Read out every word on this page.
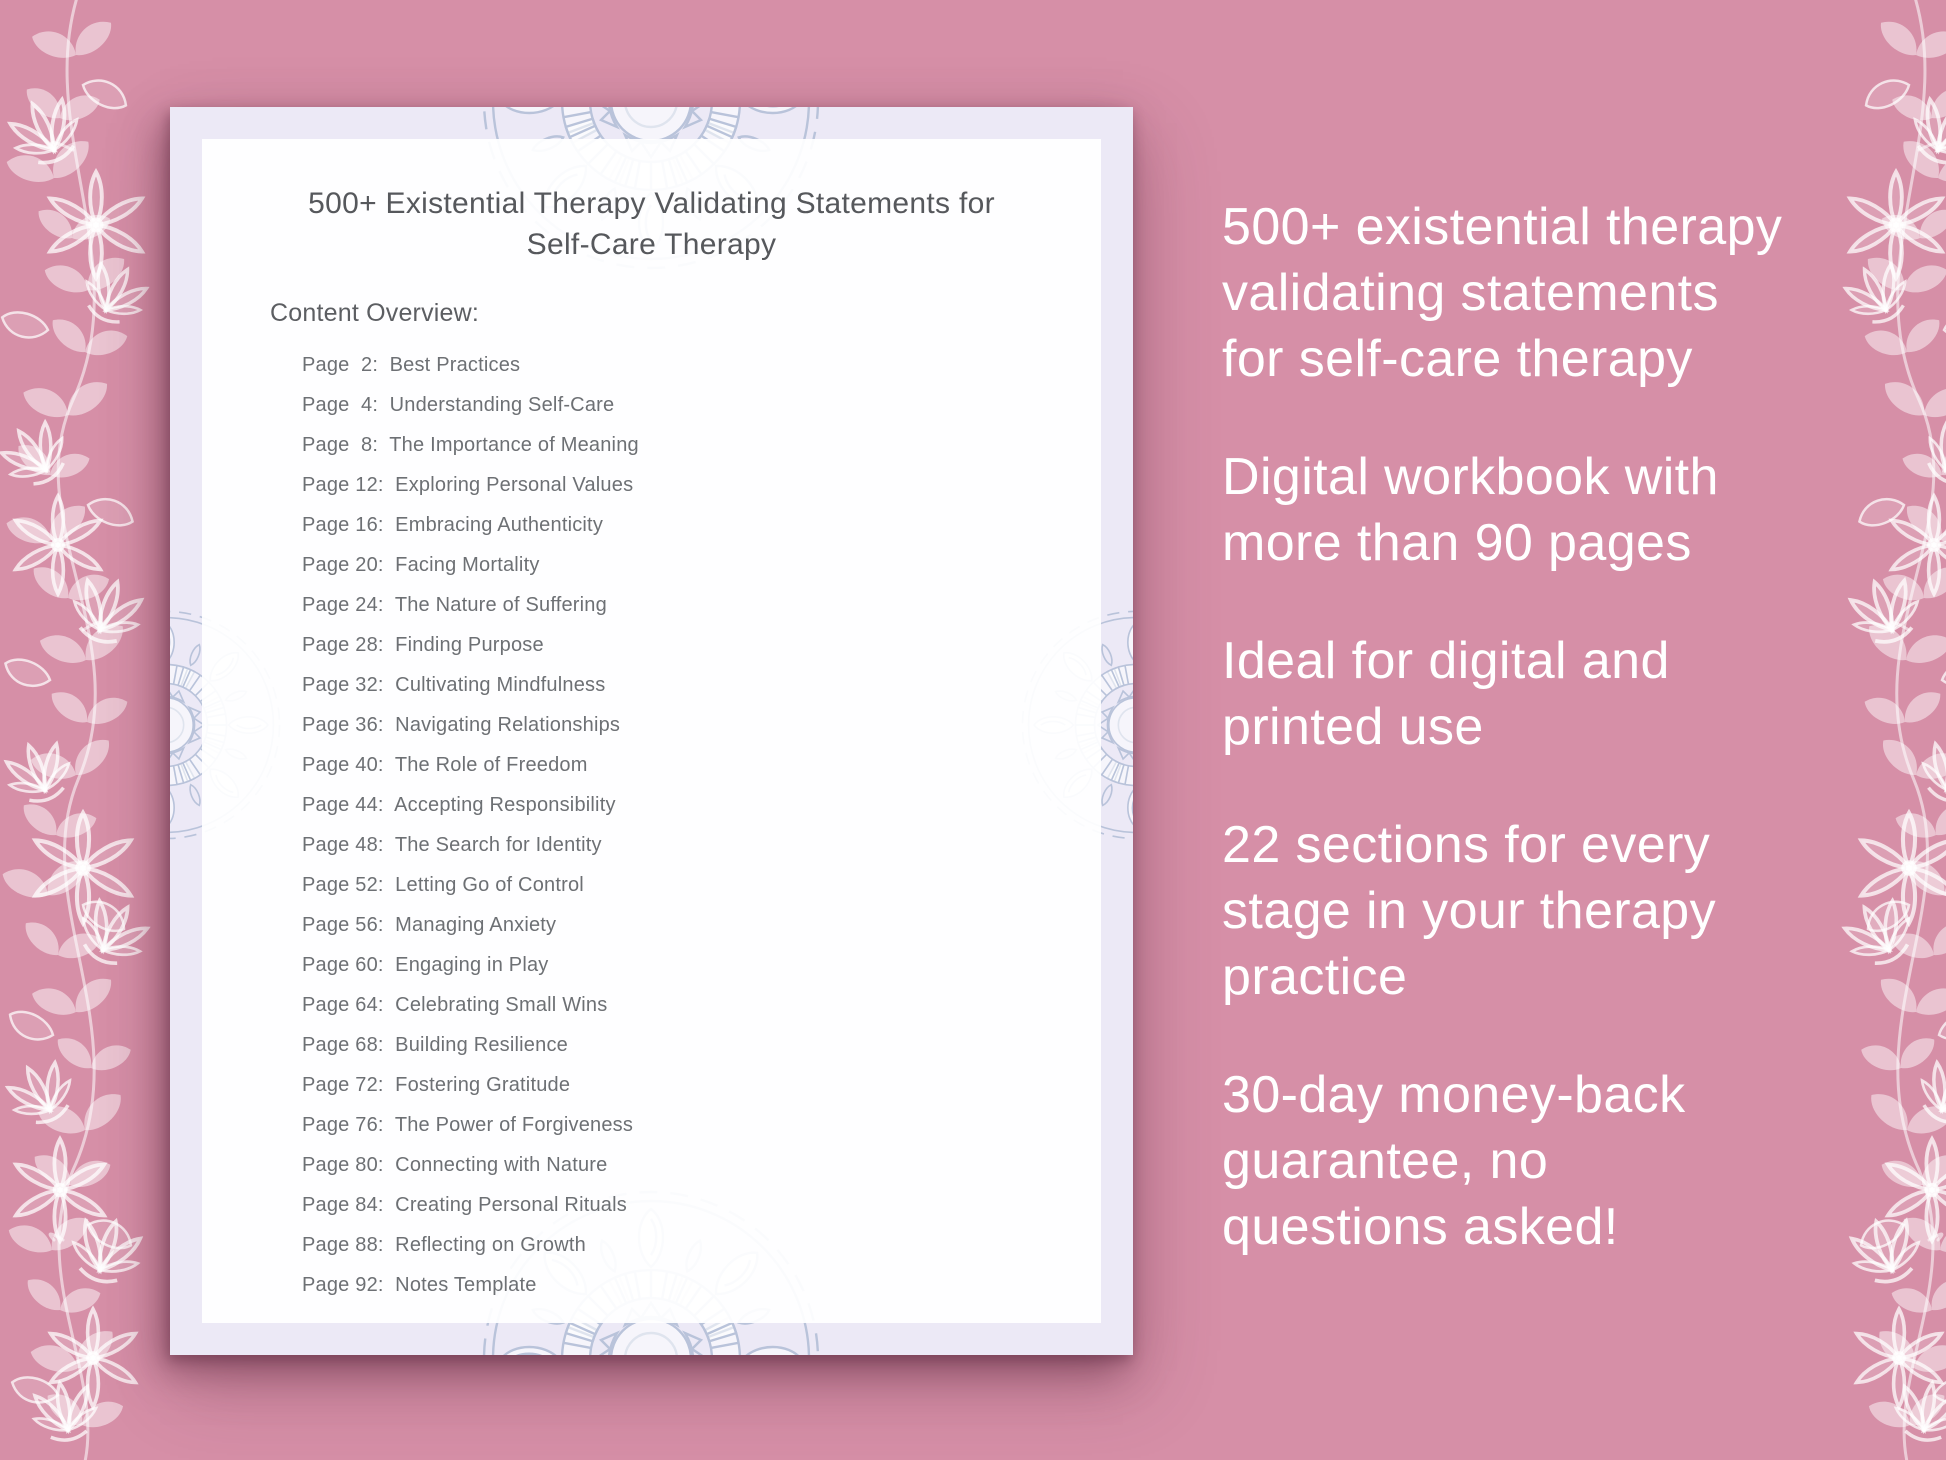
500+ Existential Therapy Validating Statements for
Self-Care Therapy
Content Overview:
Page  2:  Best Practices
Page  4:  Understanding Self-Care
Page  8:  The Importance of Meaning
Page 12:  Exploring Personal Values
Page 16:  Embracing Authenticity
Page 20:  Facing Mortality
Page 24:  The Nature of Suffering
Page 28:  Finding Purpose
Page 32:  Cultivating Mindfulness
Page 36:  Navigating Relationships
Page 40:  The Role of Freedom
Page 44:  Accepting Responsibility
Page 48:  The Search for Identity
Page 52:  Letting Go of Control
Page 56:  Managing Anxiety
Page 60:  Engaging in Play
Page 64:  Celebrating Small Wins
Page 68:  Building Resilience
Page 72:  Fostering Gratitude
Page 76:  The Power of Forgiveness
Page 80:  Connecting with Nature
Page 84:  Creating Personal Rituals
Page 88:  Reflecting on Growth
Page 92:  Notes Template
500+ existential therapy
validating statements
for self-care therapy
Digital workbook with
more than 90 pages
Ideal for digital and
printed use
22 sections for every
stage in your therapy
practice
30-day money-back
guarantee, no
questions asked!
